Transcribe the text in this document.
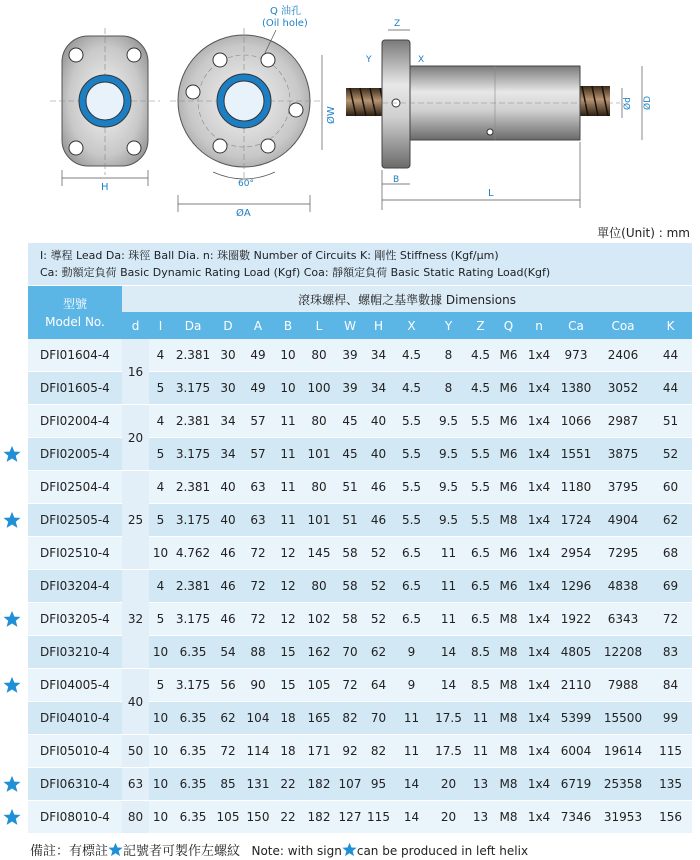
H	60°
ØA
ØW
Q 油孔
(Oil hole)	Z
Y	X
Ød ØD
B
L
單位(Unit) : mm
I: 導程 Lead Da: 珠徑 Ball Dia. n: 珠圈數 Number of Circuits K: 剛性 Stiffness (Kgf/μm)
Ca: 動額定負荷 Basic Dynamic Rating Load (Kgf) Coa: 靜額定負荷 Basic Static Rating Load(Kgf)
型號
Model No.	滾珠螺桿、螺帽之基準數據 Dimensions																
	d	I	Da	D	A	B	L	W	H	X	Y	Z	Q	n	Ca	Coa	K
DFI01604-4	16	4	2.381	30	49	10	80	39	34	4.5	8	4.5	M6	1x4	973	2406	44
DFI01605-4		5	3.175	30	49	10	100	39	34	4.5	8	4.5	M6	1x4	1380	3052	44
DFI02004-4	20	4	2.381	34	57	11	80	45	40	5.5	9.5	5.5	M6	1x4	1066	2987	51
DFI02005-4		5	3.175	34	57	11	101	45	40	5.5	9.5	5.5	M6	1x4	1551	3875	52
DFI02504-4	25	4	2.381	40	63	11	80	51	46	5.5	9.5	5.5	M6	1x4	1180	3795	60
DFI02505-4		5	3.175	40	63	11	101	51	46	5.5	9.5	5.5	M8	1x4	1724	4904	62
DFI02510-4		10	4.762	46	72	12	145	58	52	6.5	11	6.5	M6	1x4	2954	7295	68
DFI03204-4	32	4	2.381	46	72	12	80	58	52	6.5	11	6.5	M6	1x4	1296	4838	69
DFI03205-4		5	3.175	46	72	12	102	58	52	6.5	11	6.5	M8	1x4	1922	6343	72
DFI03210-4		10	6.35	54	88	15	162	70	62	9	14	8.5	M8	1x4	4805	12208	83
DFI04005-4	40	5	3.175	56	90	15	105	72	64	9	14	8.5	M8	1x4	2110	7988	84
DFI04010-4		10	6.35	62	104	18	165	82	70	11	17.5	11	M8	1x4	5399	15500	99
DFI05010-4	50	10	6.35	72	114	18	171	92	82	11	17.5	11	M8	1x4	6004	19614	115
DFI06310-4	63	10	6.35	85	131	22	182	107	95	14	20	13	M8	1x4	6719	25358	135
DFI08010-4	80	10	6.35	105	150	22	182	127	115	14	20	13	M8	1x4	7346	31953	156
備註：有標註 記號者可製作左螺紋 Note: with sign can be produced in left helix
